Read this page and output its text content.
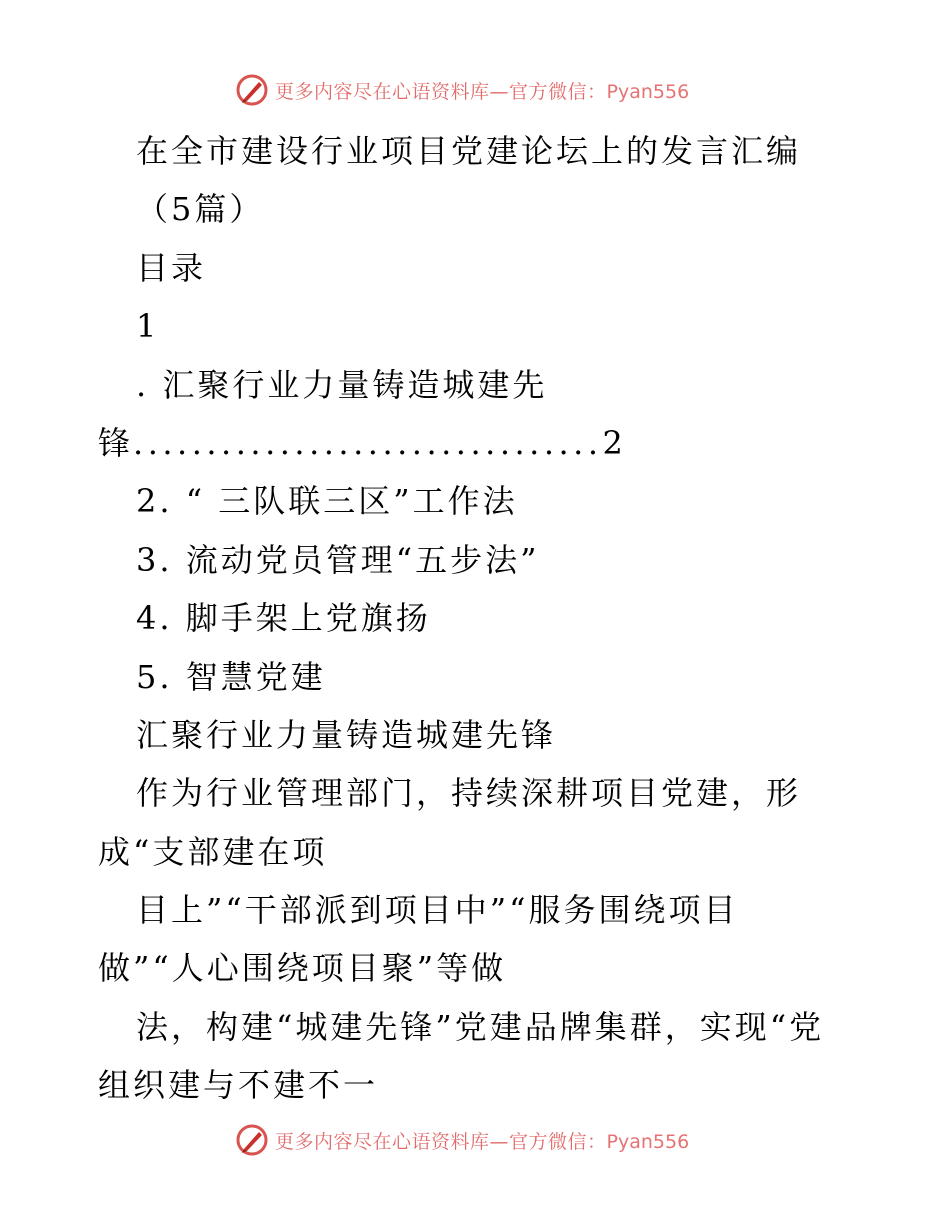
更多内容尽在心语资料库—官方微信：Pyan556
在全市建设行业项目党建论坛上的发言汇编
（5篇）
目录
1
. 汇聚行业力量铸造城建先
锋................................2
2. “ 三队联三区”工作法
3. 流动党员管理“五步法”
4. 脚手架上党旗扬
5. 智慧党建
汇聚行业力量铸造城建先锋
作为行业管理部门，持续深耕项目党建，形
成“支部建在项
目上”“干部派到项目中”“服务围绕项目
做”“人心围绕项目聚”等做
法，构建“城建先锋”党建品牌集群，实现“党
组织建与不建不一
更多内容尽在心语资料库—官方微信：Pyan556
